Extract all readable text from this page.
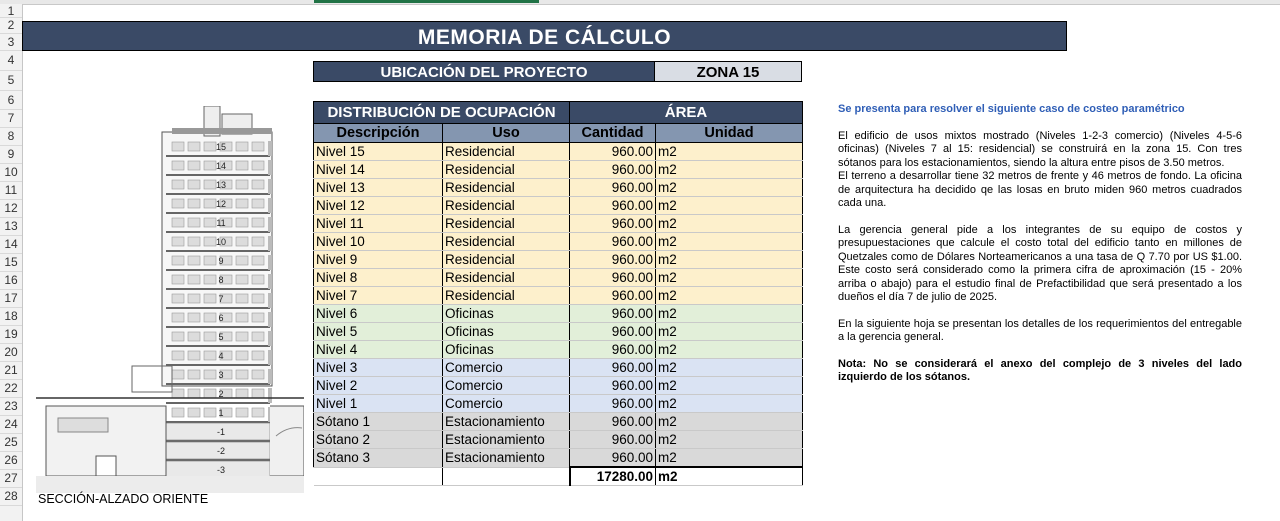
1
2
3
4
5
6
7
8
9
10
11
12
13
14
15
16
17
18
19
20
21
22
23
24
25
26
27
28
MEMORIA DE CÁLCULO
UBICACIÓN DEL PROYECTO	ZONA 15
DISTRIBUCIÓN DE OCUPACIÓN		ÁREA	
Descripción	Uso	Cantidad	Unidad
Nivel 15	Residencial	960.00	m2
Nivel 14	Residencial	960.00	m2
Nivel 13	Residencial	960.00	m2
Nivel 12	Residencial	960.00	m2
Nivel 11	Residencial	960.00	m2
Nivel 10	Residencial	960.00	m2
Nivel 9	Residencial	960.00	m2
Nivel 8	Residencial	960.00	m2
Nivel 7	Residencial	960.00	m2
Nivel 6	Oficinas	960.00	m2
Nivel 5	Oficinas	960.00	m2
Nivel 4	Oficinas	960.00	m2
Nivel 3	Comercio	960.00	m2
Nivel 2	Comercio	960.00	m2
Nivel 1	Comercio	960.00	m2
Sótano 1	Estacionamiento	960.00	m2
Sótano 2	Estacionamiento	960.00	m2
Sótano 3	Estacionamiento	960.00	m2
		17280.00	m2

Se presenta para resolver el siguiente caso de costeo paramétrico

El edificio de usos mixtos mostrado (Niveles 1-2-3 comercio) (Niveles 4-5-6 oficinas) (Niveles 7 al 15: residencial) se construirá en la zona 15. Con tres sótanos para los estacionamientos, siendo la altura entre pisos de 3.50 metros.

El terreno a desarrollar tiene 32 metros de frente y 46 metros de fondo. La oficina de arquitectura ha decidido qe las losas en bruto miden 960 metros cuadrados cada una.

La gerencia general pide a los integrantes de su equipo de costos y presupuestaciones que calcule el costo total del edificio tanto en millones de Quetzales como de Dólares Norteamericanos a una tasa de Q 7.70 por US $1.00. Este costo será considerado como la primera cifra de aproximación (15 - 20% arriba o abajo) para el estudio final de Prefactibilidad que será presentado a los dueños el día 7 de julio de 2025.

En la siguiente hoja se presentan los detalles de los requerimientos del entregable a la gerencia general.

Nota: No se considerará el anexo del complejo de 3 niveles del lado izquierdo de los sótanos.

15
14
13
12
11
10
9
8
7
6
5
4
3
2
1
-1
-2
-3
SECCIÓN-ALZADO ORIENTE
